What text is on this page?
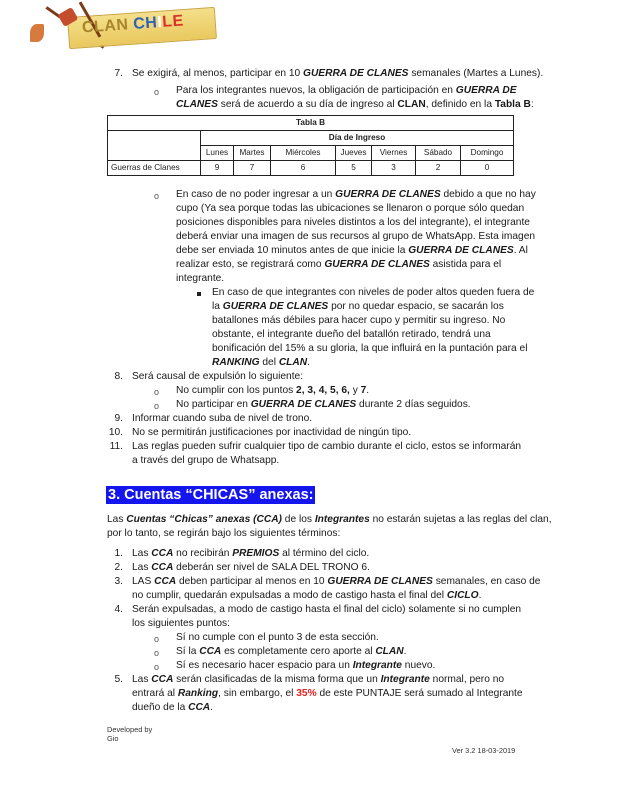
CLAN CHILE
7. Se exigirá, al menos, participar en 10 GUERRA DE CLANES semanales (Martes a Lunes).
o Para los integrantes nuevos, la obligación de participación en GUERRA DE
CLANES será de acuerdo a su día de ingreso al CLAN, definido en la Tabla B:
Tabla B							
	Día de Ingreso						
	Lunes	Martes	Miércoles	Jueves	Viernes	Sábado	Domingo
Guerras de Clanes	9	7	6	5	3	2	0
o En caso de no poder ingresar a un GUERRA DE CLANES debido a que no hay
cupo (Ya sea porque todas las ubicaciones se llenaron o porque sólo quedan
posiciones disponibles para niveles distintos a los del integrante), el integrante
deberá enviar una imagen de sus recursos al grupo de WhatsApp. Esta imagen
debe ser enviada 10 minutos antes de que inicie la GUERRA DE CLANES. Al
realizar esto, se registrará como GUERRA DE CLANES asistida para el
integrante.
En caso de que integrantes con niveles de poder altos queden fuera de
la GUERRA DE CLANES por no quedar espacio, se sacarán los
batallones más débiles para hacer cupo y permitir su ingreso. No
obstante, el integrante dueño del batallón retirado, tendrá una
bonificación del 15% a su gloria, la que influirá en la puntación para el
RANKING del CLAN.
8. Será causal de expulsión lo siguiente:
o No cumplir con los puntos 2, 3, 4, 5, 6, y 7.
o No participar en GUERRA DE CLANES durante 2 días seguidos.
9. Informar cuando suba de nivel de trono.
10. No se permitirán justificaciones por inactividad de ningún tipo.
11. Las reglas pueden sufrir cualquier tipo de cambio durante el ciclo, estos se informarán
a través del grupo de Whatsapp.
3. Cuentas “CHICAS” anexas:
Las Cuentas “Chicas” anexas (CCA) de los Integrantes no estarán sujetas a las reglas del clan,
por lo tanto, se regirán bajo los siguientes términos:
1. Las CCA no recibirán PREMIOS al término del ciclo.
2. Las CCA deberán ser nivel de SALA DEL TRONO 6.
3. LAS CCA deben participar al menos en 10 GUERRA DE CLANES semanales, en caso de
no cumplir, quedarán expulsadas a modo de castigo hasta el final del CICLO.
4. Serán expulsadas, a modo de castigo hasta el final del ciclo) solamente si no cumplen
los siguientes puntos:
o Sí no cumple con el punto 3 de esta sección.
o Sí la CCA es completamente cero aporte al CLAN.
o Sí es necesario hacer espacio para un Integrante nuevo.
5. Las CCA serán clasificadas de la misma forma que un Integrante normal, pero no
entrará al Ranking, sin embargo, el 35% de este PUNTAJE será sumado al Integrante
dueño de la CCA.
Developed by
Gio
Ver 3.2 18-03-2019
